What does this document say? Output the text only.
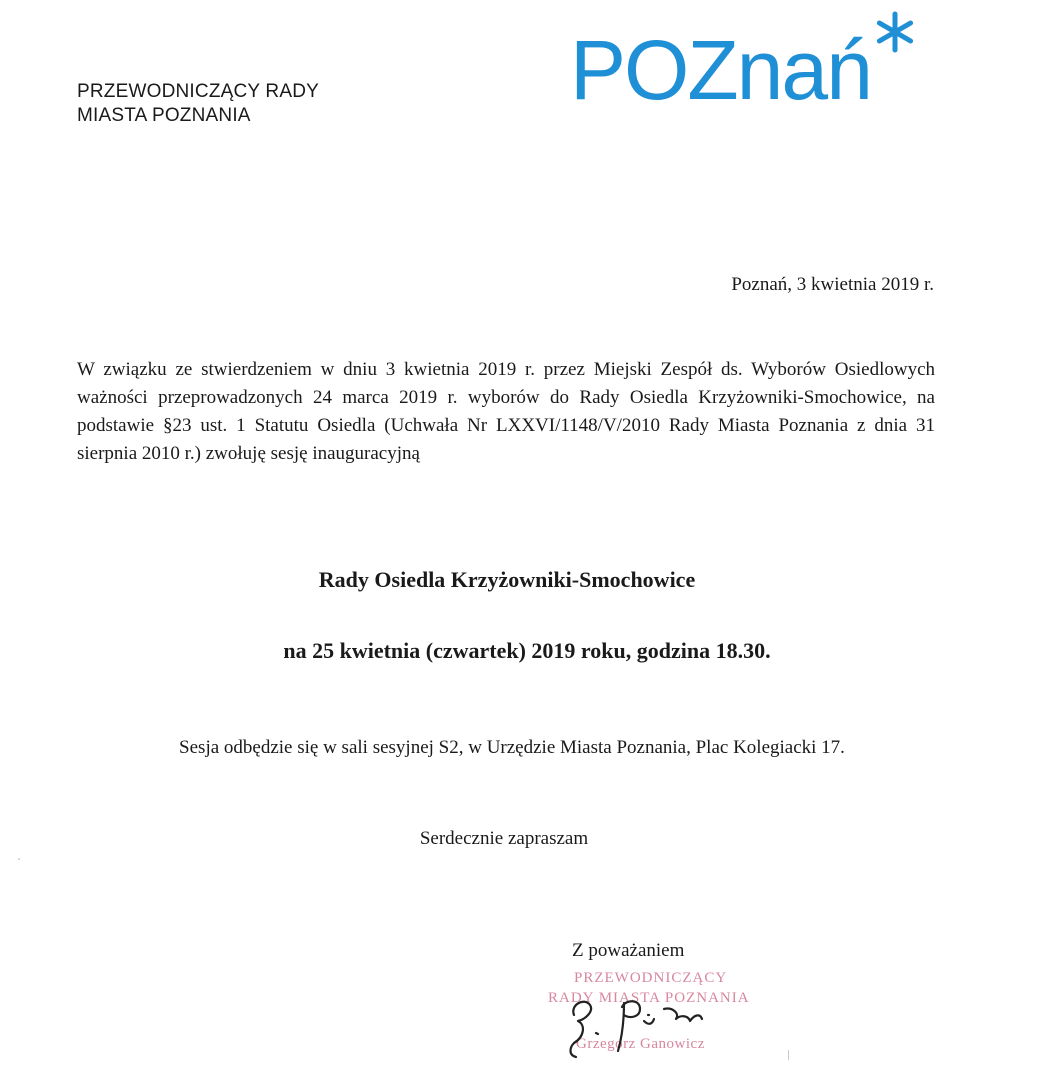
PRZEWODNICZĄCY RADY
MIASTA POZNANIA	POZnań
Poznań, 3 kwietnia 2019 r.
W związku ze stwierdzeniem w dniu 3 kwietnia 2019 r. przez Miejski Zespół ds. Wyborów Osiedlowych ważności przeprowadzonych 24 marca 2019 r. wyborów do Rady Osiedla Krzyżowniki-Smochowice, na podstawie §23 ust. 1 Statutu Osiedla (Uchwała Nr LXXVI/1148/V/2010 Rady Miasta Poznania z dnia 31 sierpnia 2010 r.) zwołuję sesję inauguracyjną
Rady Osiedla Krzyżowniki-Smochowice
na 25 kwietnia (czwartek) 2019 roku, godzina 18.30.
Sesja odbędzie się w sali sesyjnej S2, w Urzędzie Miasta Poznania, Plac Kolegiacki 17.
Serdecznie zapraszam
Z poważaniem
PRZEWODNICZĄCY
RADY MIASTA POZNANIA
Grzegorz Ganowicz
